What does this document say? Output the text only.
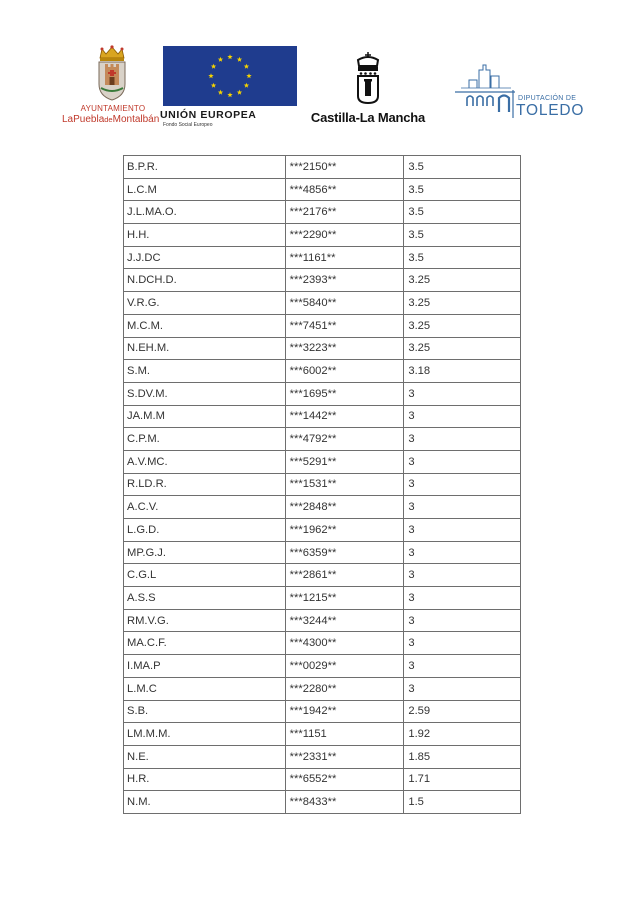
AYUNTAMIENTO
LaPuebladeMontalbán UNIÓN EUROPEA
Fondo Social Europeo	Castilla-La Mancha
DIPUTACIÓN DE
TOLEDO
B.P.R.	***2150**	3.5
L.C.M	***4856**	3.5
J.L.MA.O.	***2176**	3.5
H.H.	***2290**	3.5
J.J.DC	***1161**	3.5
N.DCH.D.	***2393**	3.25
V.R.G.	***5840**	3.25
M.C.M.	***7451**	3.25
N.EH.M.	***3223**	3.25
S.M.	***6002**	3.18
S.DV.M.	***1695**	3
JA.M.M	***1442**	3
C.P.M.	***4792**	3
A.V.MC.	***5291**	3
R.LD.R.	***1531**	3
A.C.V.	***2848**	3
L.G.D.	***1962**	3
MP.G.J.	***6359**	3
C.G.L	***2861**	3
A.S.S	***1215**	3
RM.V.G.	***3244**	3
MA.C.F.	***4300**	3
I.MA.P	***0029**	3
L.M.C	***2280**	3
S.B.	***1942**	2.59
LM.M.M.	***1151	1.92
N.E.	***2331**	1.85
H.R.	***6552**	1.71
N.M.	***8433**	1.5
